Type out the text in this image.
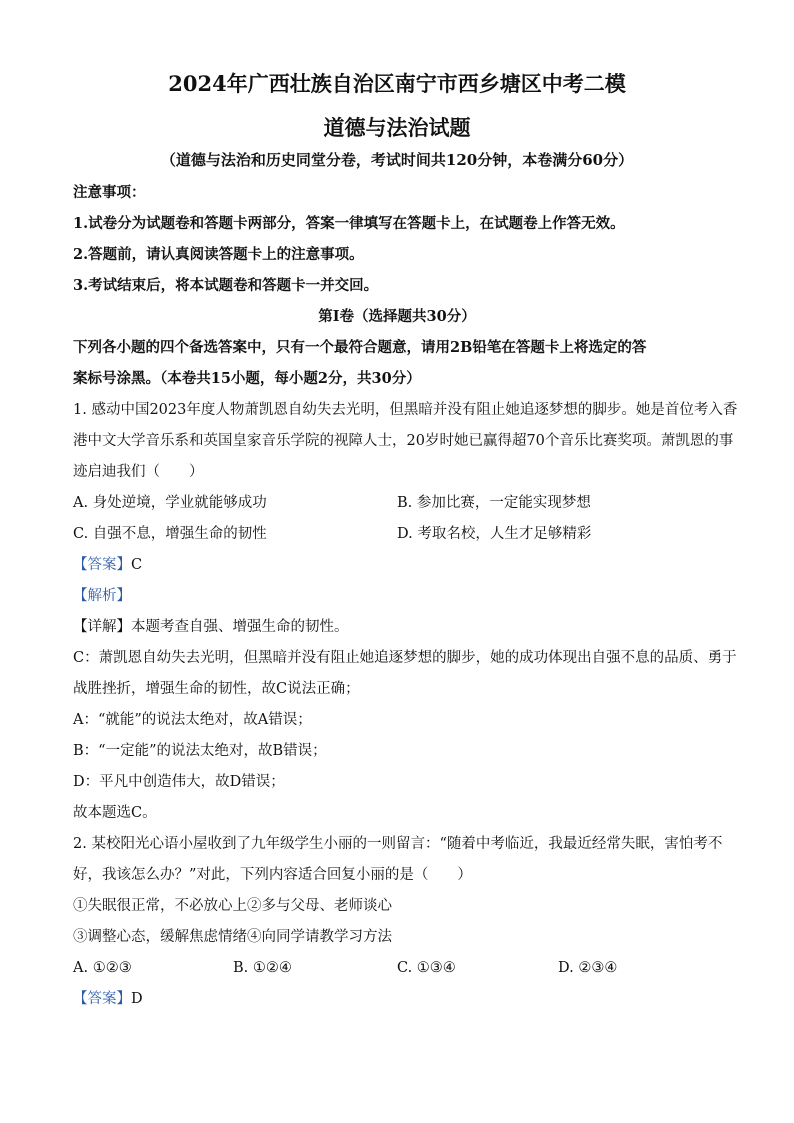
2024年广西壮族自治区南宁市西乡塘区中考二模
道德与法治试题
（道德与法治和历史同堂分卷，考试时间共120分钟，本卷满分60分）
注意事项：
1.试卷分为试题卷和答题卡两部分，答案一律填写在答题卡上，在试题卷上作答无效。
2.答题前，请认真阅读答题卡上的注意事项。
3.考试结束后，将本试题卷和答题卡一并交回。
第Ⅰ卷（选择题共30分）
下列各小题的四个备选答案中，只有一个最符合题意，请用2B铅笔在答题卡上将选定的答
案标号涂黑。（本卷共15小题，每小题2分，共30分）
1. 感动中国2023年度人物萧凯恩自幼失去光明，但黑暗并没有阻止她追逐梦想的脚步。她是首位考入香
港中文大学音乐系和英国皇家音乐学院的视障人士，20岁时她已赢得超70个音乐比赛奖项。萧凯恩的事
迹启迪我们（　　）
A. 身处逆境，学业就能够成功	B. 参加比赛，一定能实现梦想
C. 自强不息，增强生命的韧性	D. 考取名校，人生才足够精彩
【答案】C
【解析】
【详解】本题考查自强、增强生命的韧性。
C：萧凯恩自幼失去光明，但黑暗并没有阻止她追逐梦想的脚步，她的成功体现出自强不息的品质、勇于
战胜挫折，增强生命的韧性，故C说法正确；
A：“就能”的说法太绝对，故A错误；
B：“一定能”的说法太绝对，故B错误；
D：平凡中创造伟大，故D错误；
故本题选C。
2. 某校阳光心语小屋收到了九年级学生小丽的一则留言：“随着中考临近，我最近经常失眠，害怕考不
好，我该怎么办？”对此，下列内容适合回复小丽的是（　　）
①失眠很正常，不必放心上②多与父母、老师谈心
③调整心态，缓解焦虑情绪④向同学请教学习方法
A. ①②③	B. ①②④	C. ①③④	D. ②③④
【答案】D
